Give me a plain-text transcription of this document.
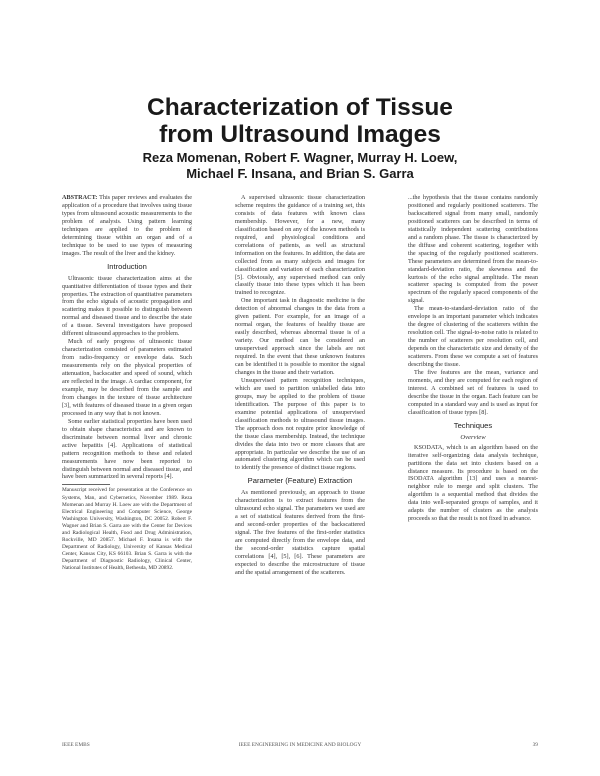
Characterization of Tissue
from Ultrasound Images
Reza Momenan, Robert F. Wagner, Murray H. Loew,
Michael F. Insana, and Brian S. Garra

ABSTRACT: This paper reviews and evaluates the application of a procedure that involves using tissue types from ultrasound acoustic measurements to the problem of analysis. Using pattern learning techniques are applied to the problem of determining tissue within an organ and of a technique to be used to use types of measuring images. The result of the liver and the kidney.

Introduction

Ultrasonic tissue characterization aims at the quantitative differentiation of tissue types and their properties. The extraction of quantitative parameters from the echo signals of acoustic propagation and scattering makes it possible to distinguish between normal and diseased tissue and to describe the state of a tissue. Several investigators have proposed different ultrasound approaches to the problem.

Much of early progress of ultrasonic tissue characterization consisted of parameters estimated from radio-frequency or envelope data. Such measurements rely on the physical properties of attenuation, backscatter and speed of sound, which are reflected in the image. A cardiac component, for example, may be described from the sample and from changes in the texture of tissue architecture [3], with features of diseased tissue in a given organ processed in any way that is not known.

Some earlier statistical properties have been used to obtain shape characteristics and are known to discriminate between normal liver and chronic active hepatitis [4]. Applications of statistical pattern recognition methods to these and related measurements have now been reported to distinguish between normal and diseased tissue, and have been summarized in several reports [4].

Manuscript received for presentation at the Conference on Systems, Man, and Cybernetics, November 1989. Reza Momenan and Murray H. Loew are with the Department of Electrical Engineering and Computer Science, George Washington University, Washington, DC 20052. Robert F. Wagner and Brian S. Garra are with the Center for Devices and Radiological Health, Food and Drug Administration, Rockville, MD 20857. Michael F. Insana is with the Department of Radiology, University of Kansas Medical Center, Kansas City, KS 66103. Brian S. Garra is with the Department of Diagnostic Radiology, Clinical Center, National Institutes of Health, Bethesda, MD 20892.

A supervised ultrasonic tissue characterization scheme requires the guidance of a training set, this consists of data features with known class membership. However, for a new, many classification based on any of the known methods is required, and physiological conditions and correlations of patients, as well as structural information on the features. In addition, the data are collected from as many subjects and images for classification and variation of each characterization [5]. Obviously, any supervised method can only classify tissue into these types which it has been trained to recognize.

One important task in diagnostic medicine is the detection of abnormal changes in the data from a given patient. For example, for an image of a normal organ, the features of healthy tissue are easily described, whereas abnormal tissue is of a variety. Our method can be considered an unsupervised approach since the labels are not required. In the event that these unknown features can be identified it is possible to monitor the signal changes in the tissue and their variation.

Unsupervised pattern recognition techniques, which are used to partition unlabelled data into groups, may be applied to the problem of tissue identification. The purpose of this paper is to examine potential applications of unsupervised classification methods to ultrasound tissue images. The approach does not require prior knowledge of the tissue class membership. Instead, the technique divides the data into two or more classes that are appropriate. In particular we describe the use of an automated clustering algorithm which can be used to identify the presence of distinct tissue regions.

Parameter (Feature) Extraction

As mentioned previously, an approach to tissue characterization is to extract features from the ultrasound echo signal. The parameters we used are a set of statistical features derived from the first- and second-order properties of the backscattered signal. The five features of the first-order statistics are computed directly from the envelope data, and the second-order statistics capture spatial correlations [4], [5], [6]. These parameters are expected to describe the microstructure of tissue and the spatial arrangement of the scatterers.

...the hypothesis that the tissue contains randomly positioned and regularly positioned scatterers. The backscattered signal from many small, randomly positioned scatterers can be described in terms of statistically independent scattering contributions and a random phase. The tissue is characterized by the diffuse and coherent scattering, together with the spacing of the regularly positioned scatterers. These parameters are determined from the mean-to-standard-deviation ratio, the skewness and the kurtosis of the echo signal amplitude. The mean scatterer spacing is computed from the power spectrum of the regularly spaced components of the signal.

The mean-to-standard-deviation ratio of the envelope is an important parameter which indicates the degree of clustering of the scatterers within the resolution cell. The signal-to-noise ratio is related to the number of scatterers per resolution cell, and depends on the characteristic size and density of the scatterers. From these we compute a set of features describing the tissue.

The five features are the mean, variance and moments, and they are computed for each region of interest. A combined set of features is used to describe the tissue in the organ. Each feature can be computed in a standard way and is used as input for classification of tissue types [8].

Techniques
Overview

KSODATA, which is an algorithm based on the iterative self-organizing data analysis technique, partitions the data set into clusters based on a distance measure. Its procedure is based on the ISODATA algorithm [13] and uses a nearest-neighbor rule to merge and split clusters. The algorithm is a sequential method that divides the data into well-separated groups of samples, and it adapts the number of clusters as the analysis proceeds so that the result is not fixed in advance.

IEEE EMBS	IEEE ENGINEERING IN MEDICINE AND BIOLOGY	39
